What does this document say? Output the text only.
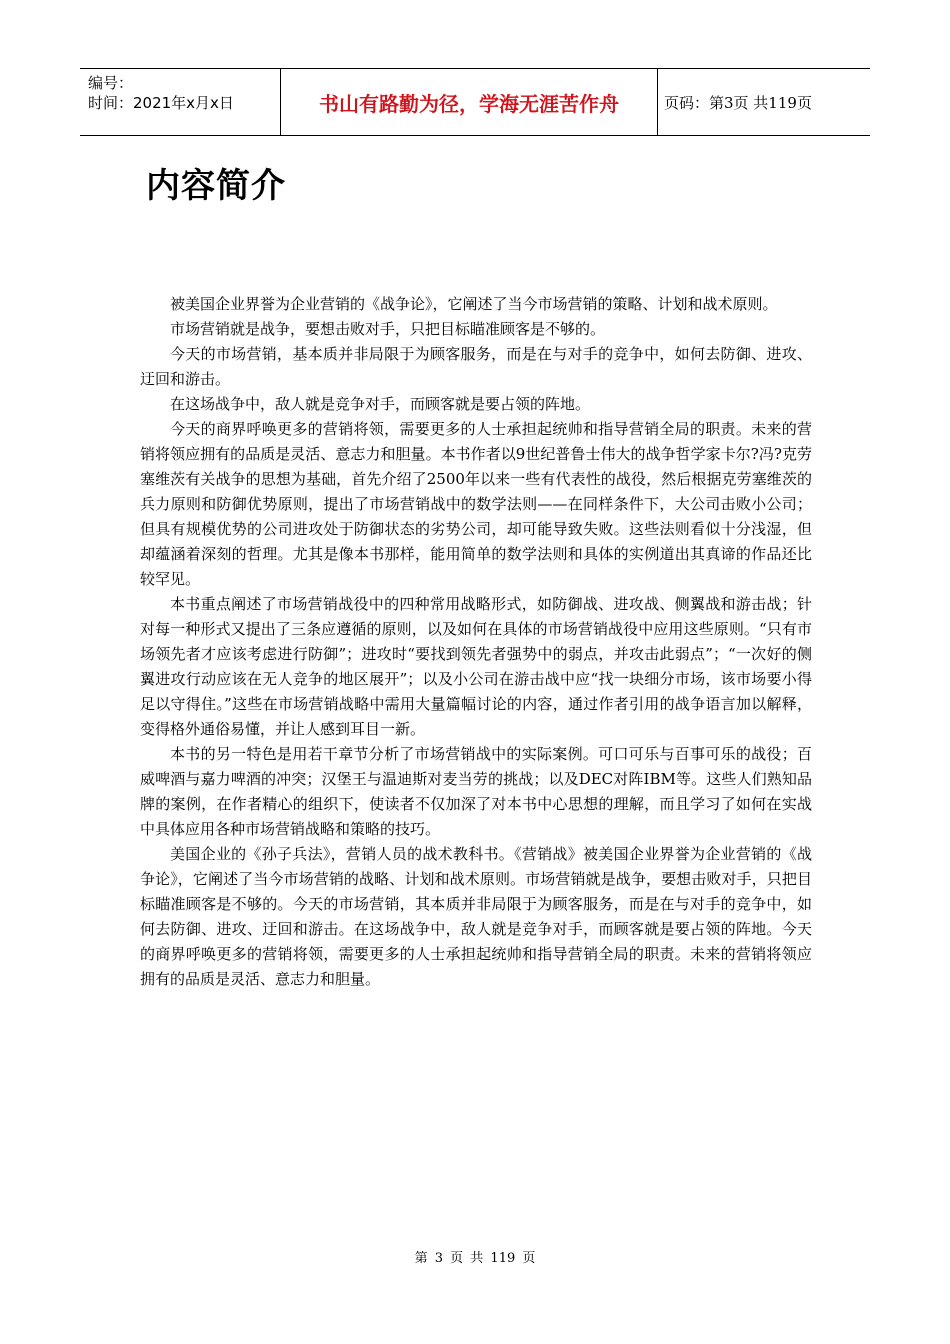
编号：
时间：2021年x月x日	书山有路勤为径，学海无涯苦作舟	页码：第3页 共119页
内容简介

被美国企业界誉为企业营销的《战争论》，它阐述了当今市场营销的策略、计划和战术原则。

市场营销就是战争，要想击败对手，只把目标瞄准顾客是不够的。

今天的市场营销，基本质并非局限于为顾客服务，而是在与对手的竞争中，如何去防御、进攻、迂回和游击。

在这场战争中，敌人就是竞争对手，而顾客就是要占领的阵地。

今天的商界呼唤更多的营销将领，需要更多的人士承担起统帅和指导营销全局的职责。未来的营销将领应拥有的品质是灵活、意志力和胆量。本书作者以9世纪普鲁士伟大的战争哲学家卡尔?冯?克劳塞维茨有关战争的思想为基础，首先介绍了2500年以来一些有代表性的战役，然后根据克劳塞维茨的兵力原则和防御优势原则，提出了市场营销战中的数学法则——在同样条件下，大公司击败小公司；但具有规模优势的公司进攻处于防御状态的劣势公司，却可能导致失败。这些法则看似十分浅湿，但却蕴涵着深刻的哲理。尤其是像本书那样，能用简单的数学法则和具体的实例道出其真谛的作品还比较罕见。

本书重点阐述了市场营销战役中的四种常用战略形式，如防御战、进攻战、侧翼战和游击战；针对每一种形式又提出了三条应遵循的原则，以及如何在具体的市场营销战役中应用这些原则。“只有市场领先者才应该考虑进行防御”；进攻时“要找到领先者强势中的弱点，并攻击此弱点”；“一次好的侧翼进攻行动应该在无人竞争的地区展开”；以及小公司在游击战中应“找一块细分市场，该市场要小得足以守得住。”这些在市场营销战略中需用大量篇幅讨论的内容，通过作者引用的战争语言加以解释，变得格外通俗易懂，并让人感到耳目一新。

本书的另一特色是用若干章节分析了市场营销战中的实际案例。可口可乐与百事可乐的战役；百威啤酒与嘉力啤酒的冲突；汉堡王与温迪斯对麦当劳的挑战；以及DEC对阵IBM等。这些人们熟知品牌的案例，在作者精心的组织下，使读者不仅加深了对本书中心思想的理解，而且学习了如何在实战中具体应用各种市场营销战略和策略的技巧。

美国企业的《孙子兵法》，营销人员的战术教科书。《营销战》被美国企业界誉为企业营销的《战争论》，它阐述了当今市场营销的战略、计划和战术原则。市场营销就是战争，要想击败对手，只把目标瞄准顾客是不够的。今天的市场营销，其本质并非局限于为顾客服务，而是在与对手的竞争中，如何去防御、进攻、迂回和游击。在这场战争中，敌人就是竞争对手，而顾客就是要占领的阵地。今天的商界呼唤更多的营销将领，需要更多的人士承担起统帅和指导营销全局的职责。未来的营销将领应拥有的品质是灵活、意志力和胆量。

第 3 页 共 119 页
